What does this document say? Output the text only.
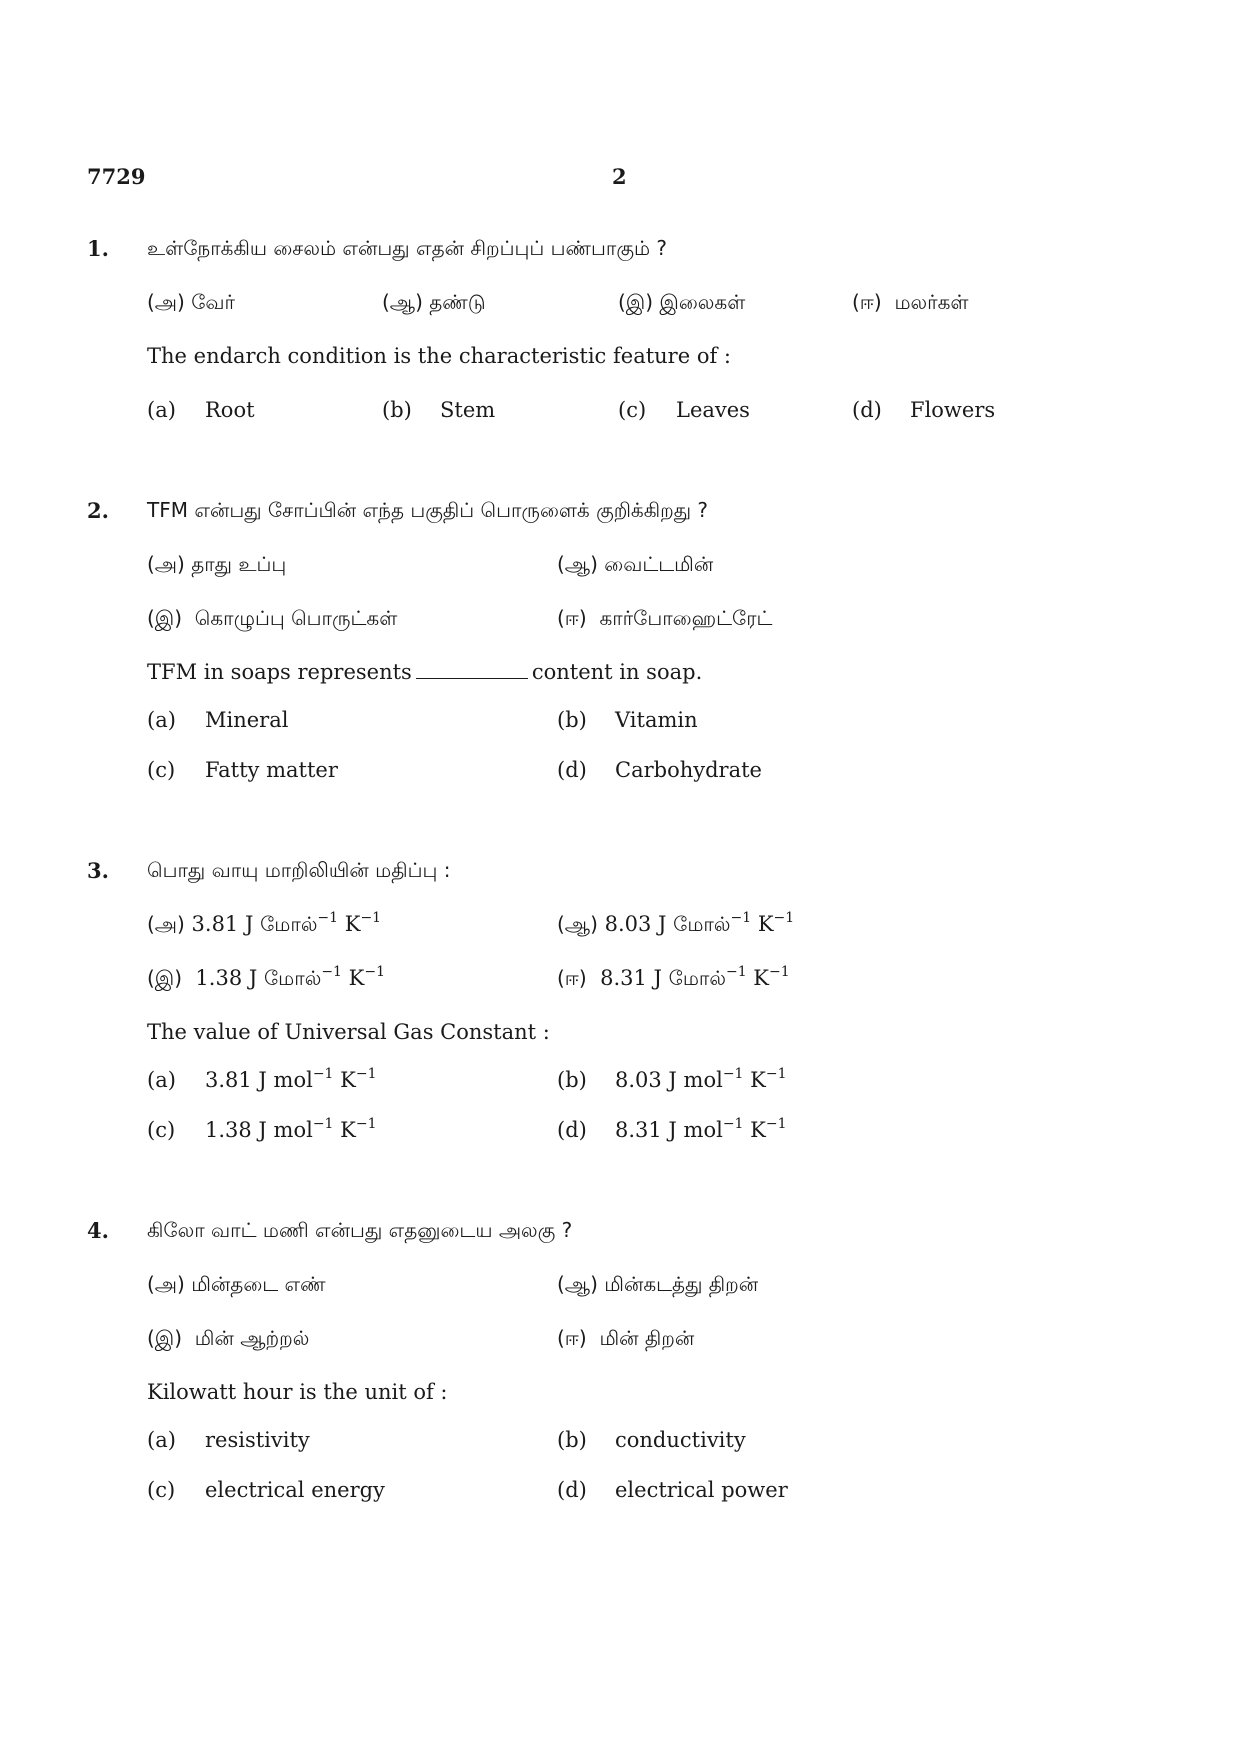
7729	2
1. உள்நோக்கிய சைலம் என்பது எதன் சிறப்புப் பண்பாகும் ?
(அ) வேர்	(ஆ) தண்டு	(இ) இலைகள்	(ஈ) மலர்கள்
The endarch condition is the characteristic feature of :
(a) Root	(b) Stem	(c) Leaves	(d) Flowers
2. TFM என்பது சோப்பின் எந்த பகுதிப் பொருளைக் குறிக்கிறது ?
(அ) தாது உப்பு	(ஆ) வைட்டமின்
(இ) கொழுப்பு பொருட்கள்	(ஈ) கார்போஹைட்ரேட்
TFM in soaps represents	content in soap.
(a) Mineral	(b) Vitamin
(c) Fatty matter	(d) Carbohydrate
3. பொது வாயு மாறிலியின் மதிப்பு :
(அ) 3.81 J மோல்$^{-1}$ $K^{-1}$	(ஆ) 8.03 J மோல்$^{-1}$ $K^{-1}$
(இ) 1.38 J மோல்$^{-1}$ $K^{-1}$	(ஈ) 8.31 J மோல்$^{-1}$ $K^{-1}$
The value of Universal Gas Constant :
(a) 3.81 J mol$^{-1}$ $K^{-1}$	(b) 8.03 J mol$^{-1}$ $K^{-1}$
(c) 1.38 J mol$^{-1}$ $K^{-1}$	(d) 8.31 J mol$^{-1}$ $K^{-1}$
4. கிலோ வாட் மணி என்பது எதனுடைய அலகு ?
(அ) மின்தடை எண்	(ஆ) மின்கடத்து திறன்
(இ) மின் ஆற்றல்	(ஈ) மின் திறன்
Kilowatt hour is the unit of :
(a) resistivity	(b) conductivity
(c) electrical energy	(d) electrical power
